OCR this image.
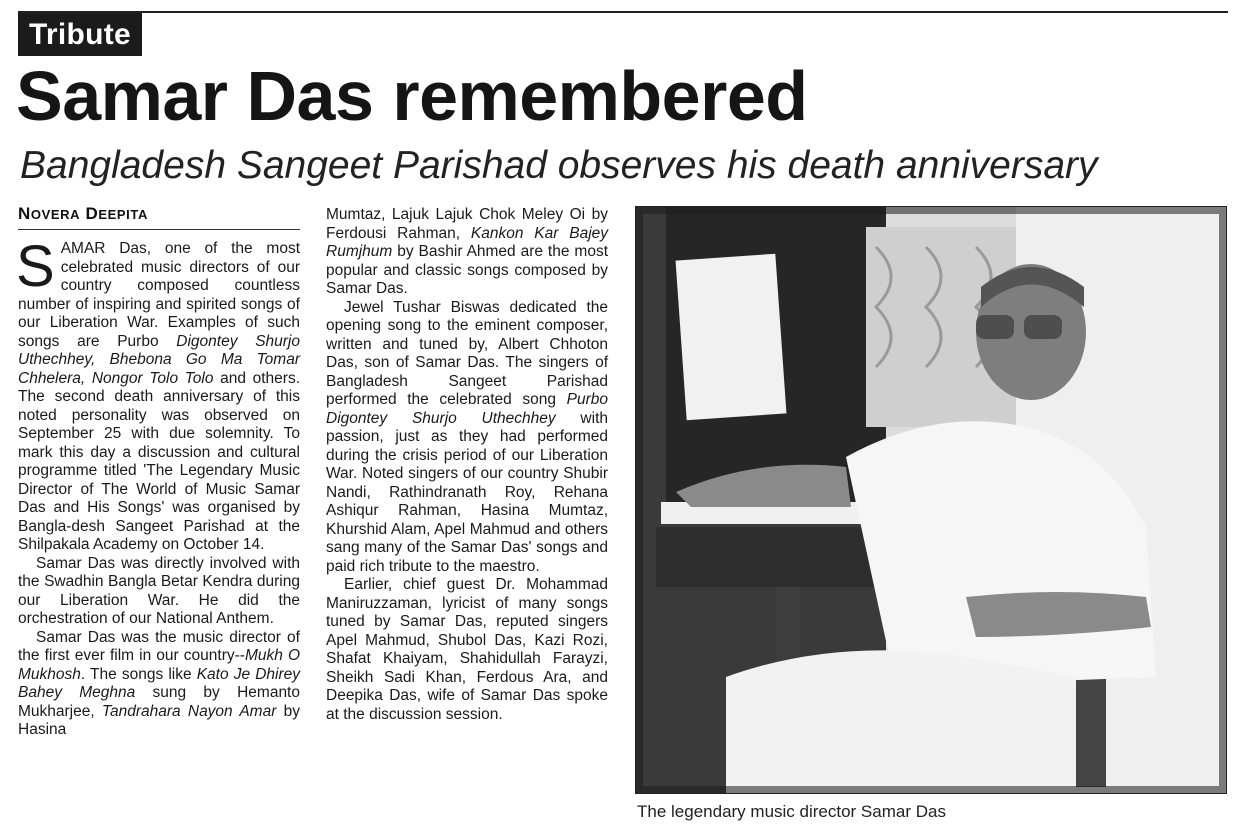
Tribute
Samar Das remembered
Bangladesh Sangeet Parishad observes his death anniversary
NOVERA DEEPITA

SAMAR Das, one of the most celebrated music directors of our country composed countless number of inspiring and spirited songs of our Liberation War. Examples of such songs are Purbo Digontey Shurjo Uthechhey, Bhebona Go Ma Tomar Chhelera, Nongor Tolo Tolo and others. The second death anniversary of this noted personality was observed on September 25 with due solemnity. To mark this day a discussion and cultural programme titled 'The Legendary Music Director of The World of Music Samar Das and His Songs' was organised by Bangla-desh Sangeet Parishad at the Shilpakala Academy on October 14.

Samar Das was directly involved with the Swadhin Bangla Betar Kendra during our Liberation War. He did the orchestration of our National Anthem.

Samar Das was the music director of the first ever film in our country--Mukh O Mukhosh. The songs like Kato Je Dhirey Bahey Meghna sung by Hemanto Mukharjee, Tandrahara Nayon Amar by Hasina

Mumtaz, Lajuk Lajuk Chok Meley Oi by Ferdousi Rahman, Kankon Kar Bajey Rumjhum by Bashir Ahmed are the most popular and classic songs composed by Samar Das.

Jewel Tushar Biswas dedicated the opening song to the eminent composer, written and tuned by, Albert Chhoton Das, son of Samar Das. The singers of Bangladesh Sangeet Parishad performed the celebrated song Purbo Digontey Shurjo Uthechhey with passion, just as they had performed during the crisis period of our Liberation War. Noted singers of our country Shubir Nandi, Rathindranath Roy, Rehana Ashiqur Rahman, Hasina Mumtaz, Khurshid Alam, Apel Mahmud and others sang many of the Samar Das' songs and paid rich tribute to the maestro.

Earlier, chief guest Dr. Mohammad Maniruzzaman, lyricist of many songs tuned by Samar Das, reputed singers Apel Mahmud, Shubol Das, Kazi Rozi, Shafat Khaiyam, Shahidullah Farayzi, Sheikh Sadi Khan, Ferdous Ara, and Deepika Das, wife of Samar Das spoke at the discussion session.

The legendary music director Samar Das
